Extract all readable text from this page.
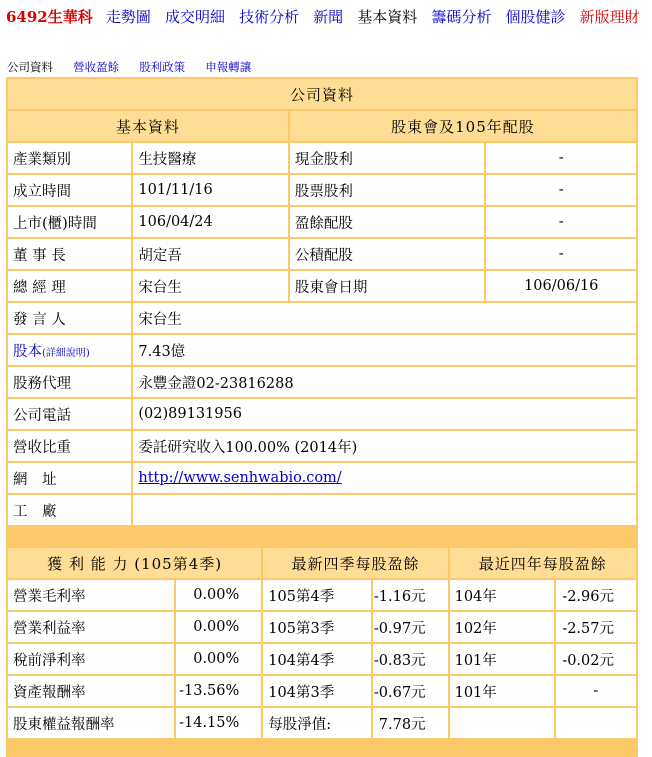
6492生華科 走勢圖 成交明細 技術分析 新聞 基本資料 籌碼分析 個股健診 新版理財
公司資料 營收盈餘 股利政策 申報轉讓
公司資料			
基本資料		股東會及105年配股	
產業類別	生技醫療	現金股利	-
成立時間	101/11/16	股票股利	-
上市(櫃)時間	106/04/24	盈餘配股	-
董 事 長	胡定吾	公積配股	-
總 經 理	宋台生	股東會日期	106/06/16
發 言 人	宋台生		
股本(詳細說明)	7.43億		
股務代理	永豐金證02-23816288		
公司電話	(02)89131956		
營收比重	委託研究收入100.00% (2014年)		
網　址	http://www.senhwabio.com/		
工　廠			
獲 利 能 力 (105第4季)		最新四季每股盈餘		最近四年每股盈餘	
營業毛利率	0.00%	105第4季	-1.16元	104年	-2.96元
營業利益率	0.00%	105第3季	-0.97元	102年	-2.57元
稅前淨利率	0.00%	104第4季	-0.83元	101年	-0.02元
資產報酬率	-13.56%	104第3季	-0.67元	101年	-
股東權益報酬率	-14.15%	每股淨值:	7.78元		
